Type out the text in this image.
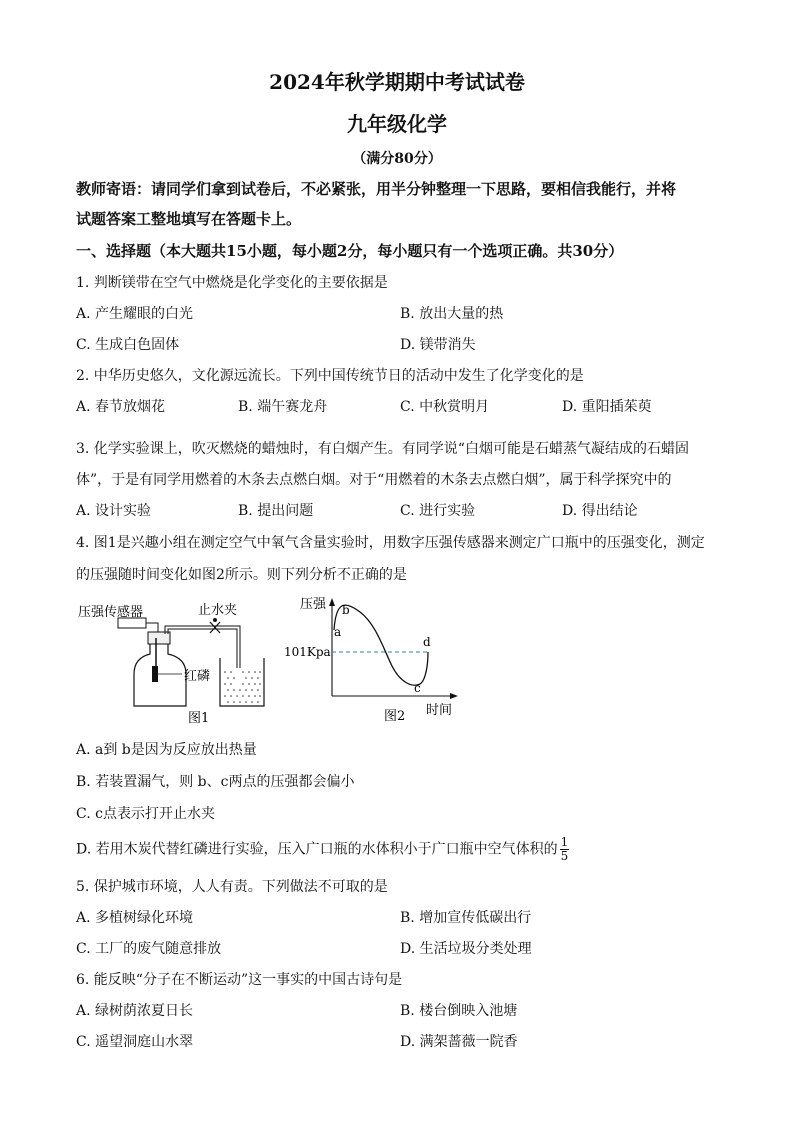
2024年秋学期期中考试试卷
九年级化学
（满分80分）
教师寄语：请同学们拿到试卷后，不必紧张，用半分钟整理一下思路，要相信我能行，并将
试题答案工整地填写在答题卡上。
一、选择题（本大题共15小题，每小题2分，每小题只有一个选项正确。共30分）
1. 判断镁带在空气中燃烧是化学变化的主要依据是
A. 产生耀眼的白光	B. 放出大量的热
C. 生成白色固体	D. 镁带消失
2. 中华历史悠久，文化源远流长。下列中国传统节日的活动中发生了化学变化的是
A. 春节放烟花	B. 端午赛龙舟	C. 中秋赏明月	D. 重阳插茱萸
3. 化学实验课上，吹灭燃烧的蜡烛时，有白烟产生。有同学说“白烟可能是石蜡蒸气凝结成的石蜡固
体”，于是有同学用燃着的木条去点燃白烟。对于“用燃着的木条去点燃白烟”，属于科学探究中的
A. 设计实验	B. 提出问题	C. 进行实验	D. 得出结论
4. 图1是兴趣小组在测定空气中氧气含量实验时，用数字压强传感器来测定广口瓶中的压强变化，测定
的压强随时间变化如图2所示。则下列分析不正确的是
压强传感器	止水夹
红磷
图1
101Kpa
压强
时间
a
b
c
d
图2
A. a到 b是因为反应放出热量
B. 若装置漏气，则 b、c两点的压强都会偏小
C. c点表示打开止水夹
D. 若用木炭代替红磷进行实验，压入广口瓶的水体积小于广口瓶中空气体积的 $\frac{1}{5}$
5. 保护城市环境，人人有责。下列做法不可取的是
A. 多植树绿化环境	B. 增加宣传低碳出行
C. 工厂的废气随意排放	D. 生活垃圾分类处理
6. 能反映“分子在不断运动”这一事实的中国古诗句是
A. 绿树荫浓夏日长	B. 楼台倒映入池塘
C. 遥望洞庭山水翠	D. 满架蔷薇一院香
